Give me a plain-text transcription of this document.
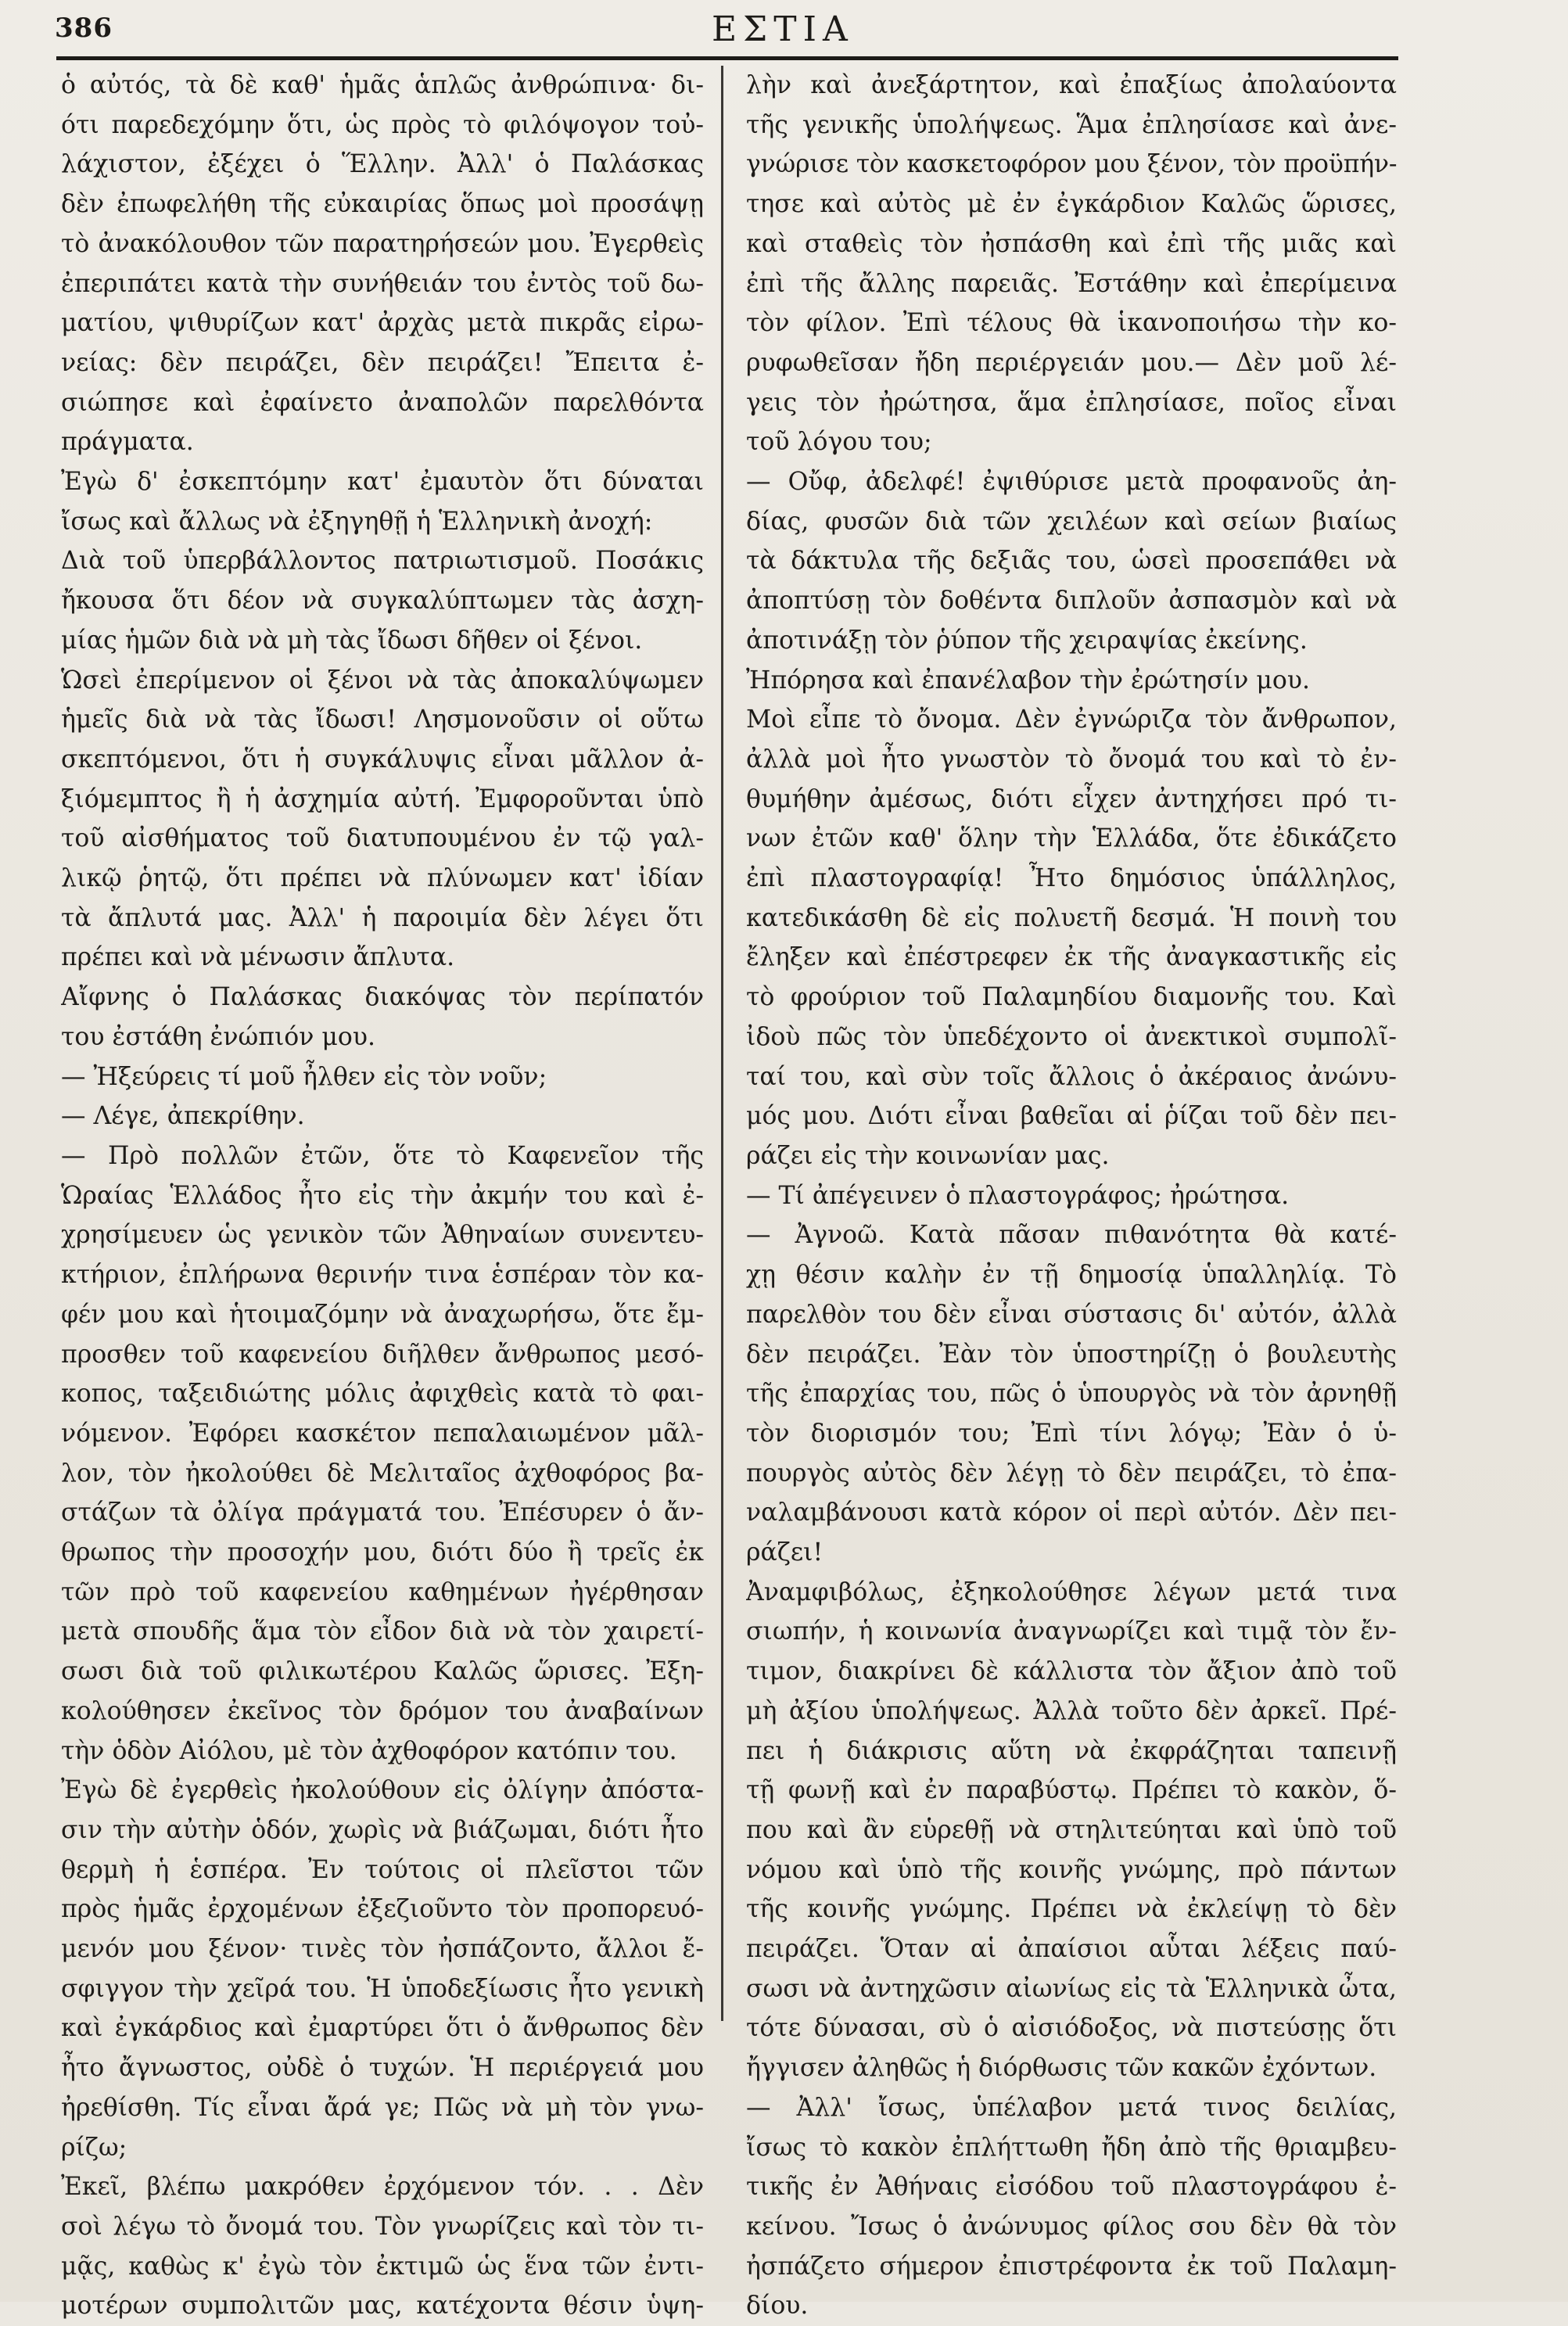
386	ΕΣΤΙΑ
ὁ αὐτός, τὰ δὲ καθ' ἡμᾶς ἁπλῶς ἀνθρώπινα· δι-
ότι παρεδεχόμην ὅτι, ὡς πρὸς τὸ φιλόψογον τοὐ-
λάχιστον, ἐξέχει ὁ Ἕλλην. Ἀλλ' ὁ Παλάσκας
δὲν ἐπωφελήθη τῆς εὐκαιρίας ὅπως μοὶ προσάψῃ
τὸ ἀνακόλουθον τῶν παρατηρήσεών μου. Ἐγερθεὶς
ἐπεριπάτει κατὰ τὴν συνήθειάν του ἐντὸς τοῦ δω-
ματίου, ψιθυρίζων κατ' ἀρχὰς μετὰ πικρᾶς εἰρω-
νείας: δὲν πειράζει, δὲν πειράζει! Ἔπειτα ἐ-
σιώπησε καὶ ἐφαίνετο ἀναπολῶν παρελθόντα
πράγματα.
Ἐγὼ δ' ἐσκεπτόμην κατ' ἐμαυτὸν ὅτι δύναται
ἴσως καὶ ἄλλως νὰ ἐξηγηθῇ ἡ Ἑλληνικὴ ἀνοχή:
Διὰ τοῦ ὑπερβάλλοντος πατριωτισμοῦ. Ποσάκις
ἤκουσα ὅτι δέον νὰ συγκαλύπτωμεν τὰς ἀσχη-
μίας ἡμῶν διὰ νὰ μὴ τὰς ἴδωσι δῆθεν οἱ ξένοι.
Ὡσεὶ ἐπερίμενον οἱ ξένοι νὰ τὰς ἀποκαλύψωμεν
ἡμεῖς διὰ νὰ τὰς ἴδωσι! Λησμονοῦσιν οἱ οὕτω
σκεπτόμενοι, ὅτι ἡ συγκάλυψις εἶναι μᾶλλον ἀ-
ξιόμεμπτος ἢ ἡ ἀσχημία αὐτή. Ἐμφοροῦνται ὑπὸ
τοῦ αἰσθήματος τοῦ διατυπουμένου ἐν τῷ γαλ-
λικῷ ῥητῷ, ὅτι πρέπει νὰ πλύνωμεν κατ' ἰδίαν
τὰ ἄπλυτά μας. Ἀλλ' ἡ παροιμία δὲν λέγει ὅτι
πρέπει καὶ νὰ μένωσιν ἄπλυτα.
Αἴφνης ὁ Παλάσκας διακόψας τὸν περίπατόν
του ἐστάθη ἐνώπιόν μου.
— Ἠξεύρεις τί μοῦ ἦλθεν εἰς τὸν νοῦν;
— Λέγε, ἀπεκρίθην.
— Πρὸ πολλῶν ἐτῶν, ὅτε τὸ Καφενεῖον τῆς
Ὡραίας Ἑλλάδος ἦτο εἰς τὴν ἀκμήν του καὶ ἐ-
χρησίμευεν ὡς γενικὸν τῶν Ἀθηναίων συνεντευ-
κτήριον, ἐπλήρωνα θερινήν τινα ἑσπέραν τὸν κα-
φέν μου καὶ ἡτοιμαζόμην νὰ ἀναχωρήσω, ὅτε ἔμ-
προσθεν τοῦ καφενείου διῆλθεν ἄνθρωπος μεσό-
κοπος, ταξειδιώτης μόλις ἀφιχθεὶς κατὰ τὸ φαι-
νόμενον. Ἐφόρει κασκέτον πεπαλαιωμένον μᾶλ-
λον, τὸν ἠκολούθει δὲ Μελιταῖος ἀχθοφόρος βα-
στάζων τὰ ὀλίγα πράγματά του. Ἐπέσυρεν ὁ ἄν-
θρωπος τὴν προσοχήν μου, διότι δύο ἢ τρεῖς ἐκ
τῶν πρὸ τοῦ καφενείου καθημένων ἠγέρθησαν
μετὰ σπουδῆς ἅμα τὸν εἶδον διὰ νὰ τὸν χαιρετί-
σωσι διὰ τοῦ φιλικωτέρου Καλῶς ὥρισες. Ἐξη-
κολούθησεν ἐκεῖνος τὸν δρόμον του ἀναβαίνων
τὴν ὁδὸν Αἰόλου, μὲ τὸν ἀχθοφόρον κατόπιν του.
Ἐγὼ δὲ ἐγερθεὶς ἠκολούθουν εἰς ὀλίγην ἀπόστα-
σιν τὴν αὐτὴν ὁδόν, χωρὶς νὰ βιάζωμαι, διότι ἦτο
θερμὴ ἡ ἑσπέρα. Ἐν τούτοις οἱ πλεῖστοι τῶν
πρὸς ἡμᾶς ἐρχομένων ἐξεζιοῦντο τὸν προπορευό-
μενόν μου ξένον· τινὲς τὸν ἠσπάζοντο, ἄλλοι ἔ-
σφιγγον τὴν χεῖρά του. Ἡ ὑποδεξίωσις ἦτο γενικὴ
καὶ ἐγκάρδιος καὶ ἐμαρτύρει ὅτι ὁ ἄνθρωπος δὲν
ἦτο ἄγνωστος, οὐδὲ ὁ τυχών. Ἡ περιέργειά μου
ἠρεθίσθη. Τίς εἶναι ἄρά γε; Πῶς νὰ μὴ τὸν γνω-
ρίζω;
Ἐκεῖ, βλέπω μακρόθεν ἐρχόμενον τόν. . . Δὲν
σοὶ λέγω τὸ ὄνομά του. Τὸν γνωρίζεις καὶ τὸν τι-
μᾷς, καθὼς κ' ἐγὼ τὸν ἐκτιμῶ ὡς ἕνα τῶν ἐντι-
μοτέρων συμπολιτῶν μας, κατέχοντα θέσιν ὑψη-
λὴν καὶ ἀνεξάρτητον, καὶ ἐπαξίως ἀπολαύοντα
τῆς γενικῆς ὑπολήψεως. Ἅμα ἐπλησίασε καὶ ἀνε-
γνώρισε τὸν κασκετοφόρον μου ξένον, τὸν προϋπήν-
τησε καὶ αὐτὸς μὲ ἐν ἐγκάρδιον Καλῶς ὥρισες,
καὶ σταθεὶς τὸν ἠσπάσθη καὶ ἐπὶ τῆς μιᾶς καὶ
ἐπὶ τῆς ἄλλης παρειᾶς. Ἐστάθην καὶ ἐπερίμεινα
τὸν φίλον. Ἐπὶ τέλους θὰ ἱκανοποιήσω τὴν κο-
ρυφωθεῖσαν ἤδη περιέργειάν μου.— Δὲν μοῦ λέ-
γεις τὸν ἠρώτησα, ἅμα ἐπλησίασε, ποῖος εἶναι
τοῦ λόγου του;
— Οὔφ, ἀδελφέ! ἐψιθύρισε μετὰ προφανοῦς ἀη-
δίας, φυσῶν διὰ τῶν χειλέων καὶ σείων βιαίως
τὰ δάκτυλα τῆς δεξιᾶς του, ὡσεὶ προσεπάθει νὰ
ἀποπτύσῃ τὸν δοθέντα διπλοῦν ἀσπασμὸν καὶ νὰ
ἀποτινάξῃ τὸν ῥύπον τῆς χειραψίας ἐκείνης.
Ἠπόρησα καὶ ἐπανέλαβον τὴν ἐρώτησίν μου.
Μοὶ εἶπε τὸ ὄνομα. Δὲν ἐγνώριζα τὸν ἄνθρωπον,
ἀλλὰ μοὶ ἦτο γνωστὸν τὸ ὄνομά του καὶ τὸ ἐν-
θυμήθην ἀμέσως, διότι εἶχεν ἀντηχήσει πρό τι-
νων ἐτῶν καθ' ὅλην τὴν Ἑλλάδα, ὅτε ἐδικάζετο
ἐπὶ πλαστογραφίᾳ! Ἦτο δημόσιος ὑπάλληλος,
κατεδικάσθη δὲ εἰς πολυετῆ δεσμά. Ἡ ποινὴ του
ἔληξεν καὶ ἐπέστρεφεν ἐκ τῆς ἀναγκαστικῆς εἰς
τὸ φρούριον τοῦ Παλαμηδίου διαμονῆς του. Καὶ
ἰδοὺ πῶς τὸν ὑπεδέχοντο οἱ ἀνεκτικοὶ συμπολῖ-
ταί του, καὶ σὺν τοῖς ἄλλοις ὁ ἀκέραιος ἀνώνυ-
μός μου. Διότι εἶναι βαθεῖαι αἱ ῥίζαι τοῦ δὲν πει-
ράζει εἰς τὴν κοινωνίαν μας.
— Τί ἀπέγεινεν ὁ πλαστογράφος; ἠρώτησα.
— Ἀγνοῶ. Κατὰ πᾶσαν πιθανότητα θὰ κατέ-
χῃ θέσιν καλὴν ἐν τῇ δημοσίᾳ ὑπαλληλίᾳ. Τὸ
παρελθὸν του δὲν εἶναι σύστασις δι' αὐτόν, ἀλλὰ
δὲν πειράζει. Ἐὰν τὸν ὑποστηρίζῃ ὁ βουλευτὴς
τῆς ἐπαρχίας του, πῶς ὁ ὑπουργὸς νὰ τὸν ἀρνηθῇ
τὸν διορισμόν του; Ἐπὶ τίνι λόγῳ; Ἐὰν ὁ ὑ-
πουργὸς αὐτὸς δὲν λέγῃ τὸ δὲν πειράζει, τὸ ἐπα-
ναλαμβάνουσι κατὰ κόρον οἱ περὶ αὐτόν. Δὲν πει-
ράζει!
Ἀναμφιβόλως, ἐξηκολούθησε λέγων μετά τινα
σιωπήν, ἡ κοινωνία ἀναγνωρίζει καὶ τιμᾷ τὸν ἔν-
τιμον, διακρίνει δὲ κάλλιστα τὸν ἄξιον ἀπὸ τοῦ
μὴ ἀξίου ὑπολήψεως. Ἀλλὰ τοῦτο δὲν ἀρκεῖ. Πρέ-
πει ἡ διάκρισις αὕτη νὰ ἐκφράζηται ταπεινῇ
τῇ φωνῇ καὶ ἐν παραβύστῳ. Πρέπει τὸ κακὸν, ὅ-
που καὶ ἂν εὑρεθῇ νὰ στηλιτεύηται καὶ ὑπὸ τοῦ
νόμου καὶ ὑπὸ τῆς κοινῆς γνώμης, πρὸ πάντων
τῆς κοινῆς γνώμης. Πρέπει νὰ ἐκλείψῃ τὸ δὲν
πειράζει. Ὅταν αἱ ἀπαίσιοι αὗται λέξεις παύ-
σωσι νὰ ἀντηχῶσιν αἰωνίως εἰς τὰ Ἑλληνικὰ ὦτα,
τότε δύνασαι, σὺ ὁ αἰσιόδοξος, νὰ πιστεύσῃς ὅτι
ἤγγισεν ἀληθῶς ἡ διόρθωσις τῶν κακῶν ἐχόντων.
— Ἀλλ' ἴσως, ὑπέλαβον μετά τινος δειλίας,
ἴσως τὸ κακὸν ἐπλήττωθη ἤδη ἀπὸ τῆς θριαμβευ-
τικῆς ἐν Ἀθήναις εἰσόδου τοῦ πλαστογράφου ἐ-
κείνου. Ἴσως ὁ ἀνώνυμος φίλος σου δὲν θὰ τὸν
ἠσπάζετο σήμερον ἐπιστρέφοντα ἐκ τοῦ Παλαμη-
δίου.
